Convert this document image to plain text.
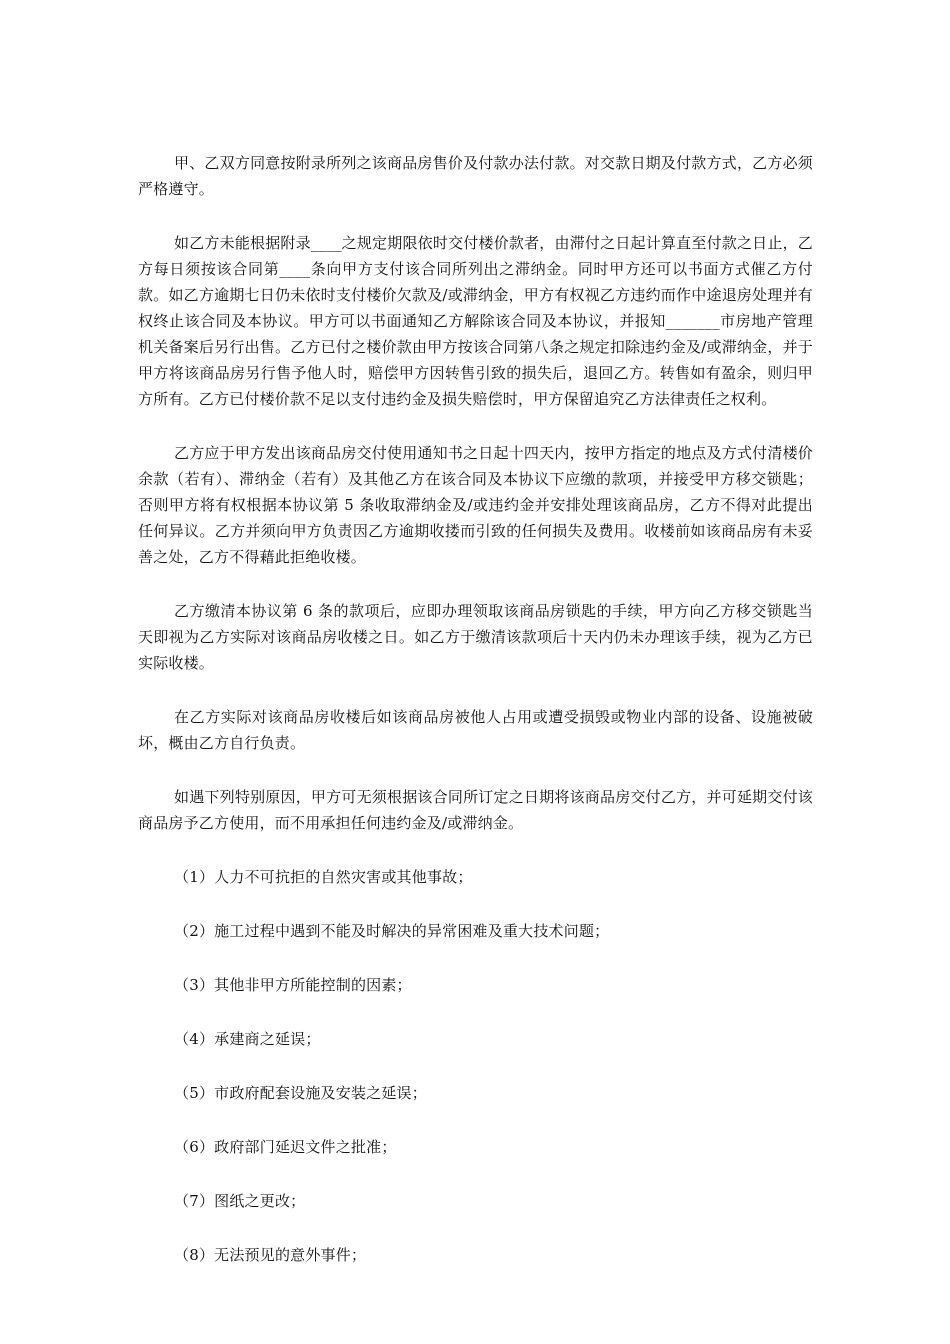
甲、乙双方同意按附录所列之该商品房售价及付款办法付款。对交款日期及付款方式，乙方必须严格遵守。

如乙方未能根据附录____之规定期限依时交付楼价款者，由滞付之日起计算直至付款之日止，乙方每日须按该合同第____条向甲方支付该合同所列出之滞纳金。同时甲方还可以书面方式催乙方付款。如乙方逾期七日仍未依时支付楼价欠款及/或滞纳金，甲方有权视乙方违约而作中途退房处理并有权终止该合同及本协议。甲方可以书面通知乙方解除该合同及本协议，并报知_______市房地产管理机关备案后另行出售。乙方已付之楼价款由甲方按该合同第八条之规定扣除违约金及/或滞纳金，并于甲方将该商品房另行售予他人时，赔偿甲方因转售引致的损失后，退回乙方。转售如有盈余，则归甲方所有。乙方已付楼价款不足以支付违约金及损失赔偿时，甲方保留追究乙方法律责任之权利。

乙方应于甲方发出该商品房交付使用通知书之日起十四天内，按甲方指定的地点及方式付清楼价余款（若有）、滞纳金（若有）及其他乙方在该合同及本协议下应缴的款项，并接受甲方移交锁匙；否则甲方将有权根据本协议第 5 条收取滞纳金及/或违约金并安排处理该商品房，乙方不得对此提出任何异议。乙方并须向甲方负责因乙方逾期收搂而引致的任何损失及费用。收楼前如该商品房有未妥善之处，乙方不得藉此拒绝收楼。

乙方缴清本协议第 6 条的款项后，应即办理领取该商品房锁匙的手续，甲方向乙方移交锁匙当天即视为乙方实际对该商品房收楼之日。如乙方于缴清该款项后十天内仍未办理该手续，视为乙方已实际收楼。

在乙方实际对该商品房收楼后如该商品房被他人占用或遭受损毁或物业内部的设备、设施被破坏，概由乙方自行负责。

如遇下列特别原因，甲方可无须根据该合同所订定之日期将该商品房交付乙方，并可延期交付该商品房予乙方使用，而不用承担任何违约金及/或滞纳金。

（1）人力不可抗拒的自然灾害或其他事故；

（2）施工过程中遇到不能及时解决的异常困难及重大技术问题；

（3）其他非甲方所能控制的因素；

（4）承建商之延误；

（5）市政府配套设施及安装之延误；

（6）政府部门延迟文件之批准；

（7）图纸之更改；

（8）无法预见的意外事件；
